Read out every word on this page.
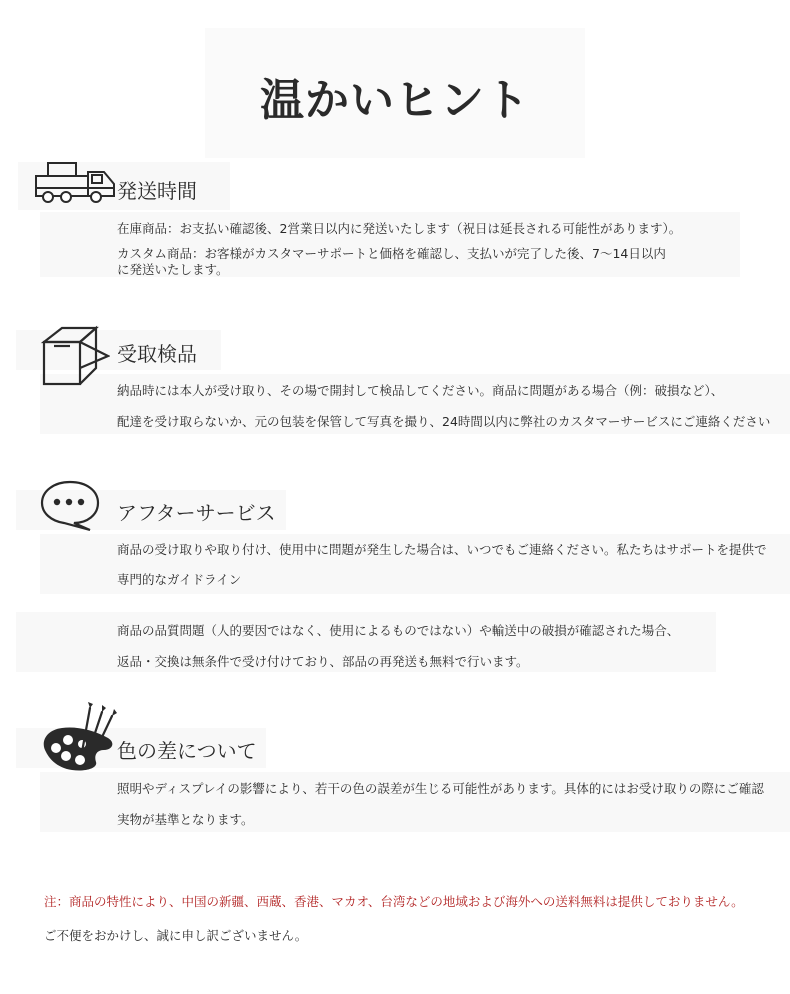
温かいヒント
発送時間
在庫商品：お支払い確認後、2営業日以内に発送いたします（祝日は延長される可能性があります）。
カスタム商品：お客様がカスタマーサポートと価格を確認し、支払いが完了した後、7～14日以内
に発送いたします。
受取検品
納品時には本人が受け取り、その場で開封して検品してください。商品に問題がある場合（例：破損など）、
配達を受け取らないか、元の包装を保管して写真を撮り、24時間以内に弊社のカスタマーサービスにご連絡ください
アフターサービス
商品の受け取りや取り付け、使用中に問題が発生した場合は、いつでもご連絡ください。私たちはサポートを提供で
専門的なガイドライン
商品の品質問題（人的要因ではなく、使用によるものではない）や輸送中の破損が確認された場合、
返品・交換は無条件で受け付けており、部品の再発送も無料で行います。
色の差について
照明やディスプレイの影響により、若干の色の誤差が生じる可能性があります。具体的にはお受け取りの際にご確認
実物が基準となります。
注：商品の特性により、中国の新疆、西蔵、香港、マカオ、台湾などの地域および海外への送料無料は提供しておりません。
ご不便をおかけし、誠に申し訳ございません。
